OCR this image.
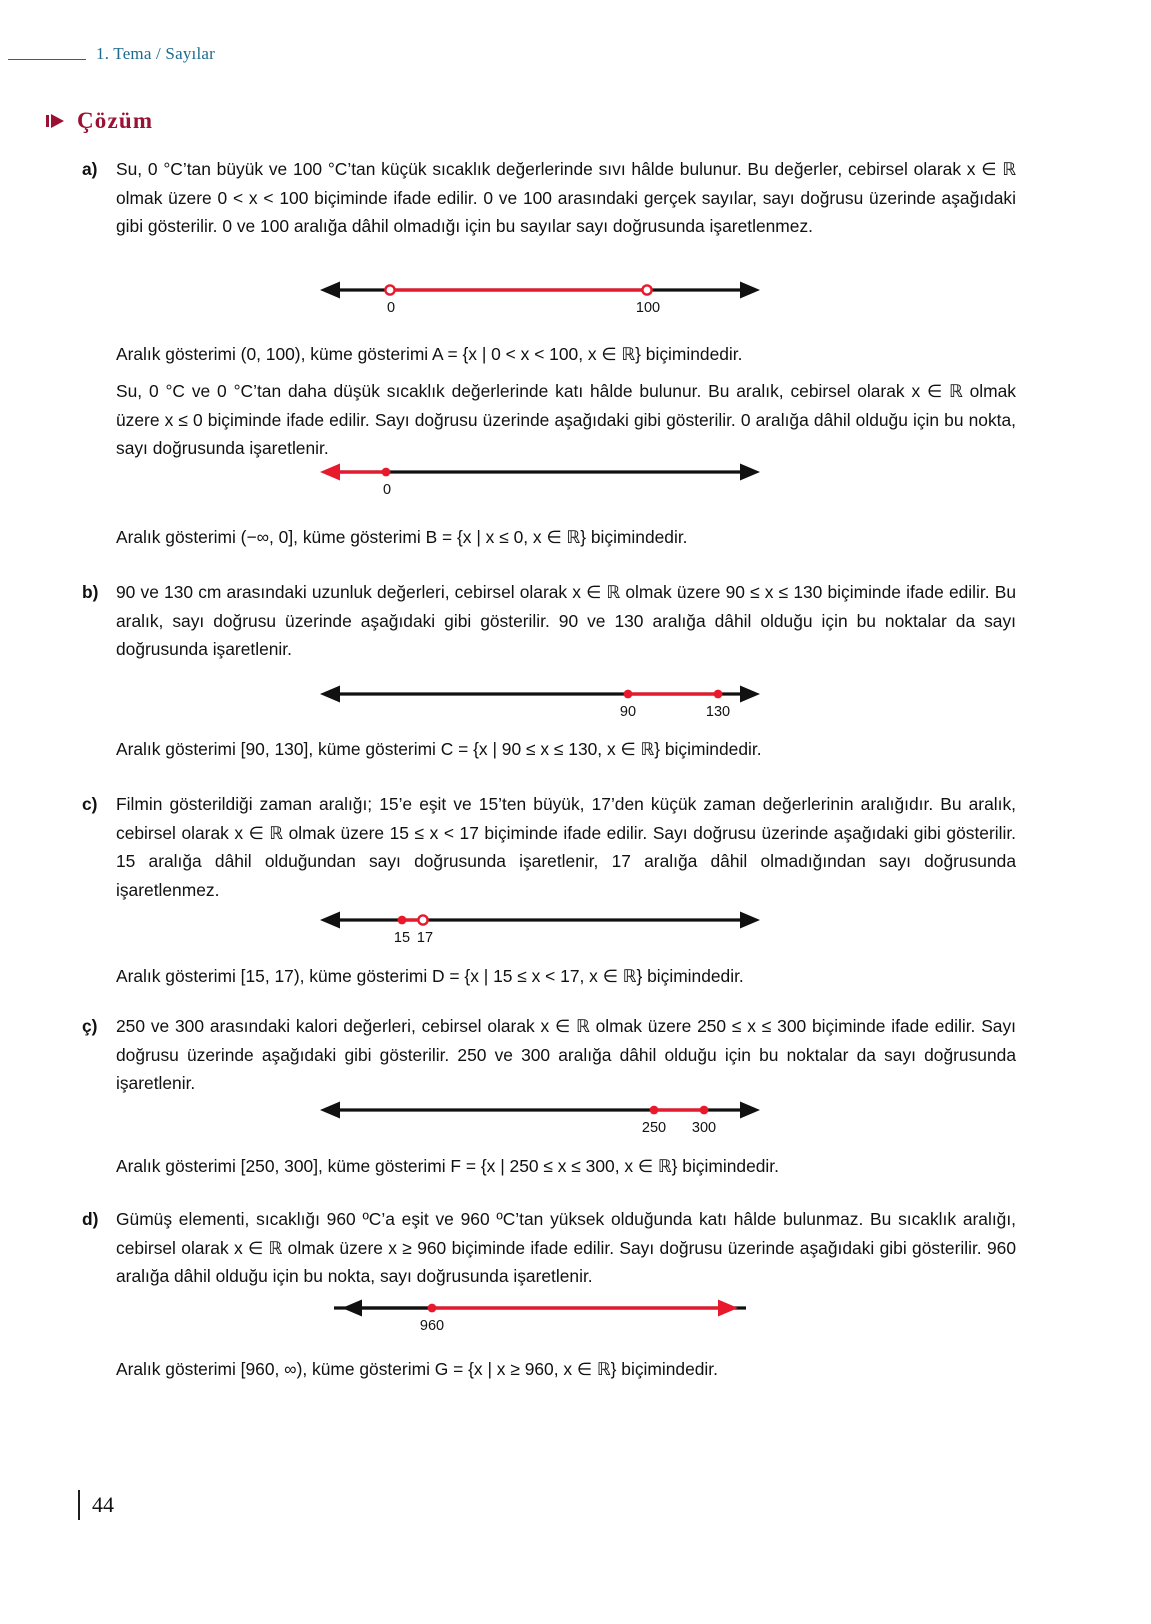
1. Tema / Sayılar
Çözüm
a) Su, 0 °C’tan büyük ve 100 °C’tan küçük sıcaklık değerlerinde sıvı hâlde bulunur. Bu değerler, cebirsel olarak x ∈ ℝ olmak üzere 0 < x < 100 biçiminde ifade edilir. 0 ve 100 arasındaki gerçek sayılar, sayı doğrusu üzerinde aşağıdaki gibi gösterilir. 0 ve 100 aralığa dâhil olmadığı için bu sayılar sayı doğrusunda işaretlenmez.
0	100
Aralık gösterimi (0, 100), küme gösterimi A = {x | 0 < x < 100, x ∈ ℝ} biçimindedir.
Su, 0 °C ve 0 °C’tan daha düşük sıcaklık değerlerinde katı hâlde bulunur. Bu aralık, cebirsel olarak x ∈ ℝ olmak üzere x ≤ 0 biçiminde ifade edilir. Sayı doğrusu üzerinde aşağıdaki gibi gösterilir. 0 aralığa dâhil olduğu için bu nokta, sayı doğrusunda işaretlenir.
0
Aralık gösterimi (−∞, 0], küme gösterimi B = {x | x ≤ 0, x ∈ ℝ} biçimindedir.
b) 90 ve 130 cm arasındaki uzunluk değerleri, cebirsel olarak x ∈ ℝ olmak üzere 90 ≤ x ≤ 130 biçiminde ifade edilir. Bu aralık, sayı doğrusu üzerinde aşağıdaki gibi gösterilir. 90 ve 130 aralığa dâhil olduğu için bu noktalar da sayı doğrusunda işaretlenir.
90	130
Aralık gösterimi [90, 130], küme gösterimi C = {x | 90 ≤ x ≤ 130, x ∈ ℝ} biçimindedir.
c) Filmin gösterildiği zaman aralığı; 15’e eşit ve 15’ten büyük, 17’den küçük zaman değerlerinin aralığıdır. Bu aralık, cebirsel olarak x ∈ ℝ olmak üzere 15 ≤ x < 17 biçiminde ifade edilir. Sayı doğrusu üzerinde aşağıdaki gibi gösterilir. 15 aralığa dâhil olduğundan sayı doğrusunda işaretlenir, 17 aralığa dâhil olmadığından sayı doğrusunda işaretlenmez.
15 17
Aralık gösterimi [15, 17), küme gösterimi D = {x | 15 ≤ x < 17, x ∈ ℝ} biçimindedir.
ç) 250 ve 300 arasındaki kalori değerleri, cebirsel olarak x ∈ ℝ olmak üzere 250 ≤ x ≤ 300 biçiminde ifade edilir. Sayı doğrusu üzerinde aşağıdaki gibi gösterilir. 250 ve 300 aralığa dâhil olduğu için bu noktalar da sayı doğrusunda işaretlenir.
250	300
Aralık gösterimi [250, 300], küme gösterimi F = {x | 250 ≤ x ≤ 300, x ∈ ℝ} biçimindedir.
d) Gümüş elementi, sıcaklığı 960 ºC’a eşit ve 960 ºC’tan yüksek olduğunda katı hâlde bulunmaz. Bu sıcaklık aralığı, cebirsel olarak x ∈ ℝ olmak üzere x ≥ 960 biçiminde ifade edilir. Sayı doğrusu üzerinde aşağıdaki gibi gösterilir. 960 aralığa dâhil olduğu için bu nokta, sayı doğrusunda işaretlenir.
960
Aralık gösterimi [960, ∞), küme gösterimi G = {x | x ≥ 960, x ∈ ℝ} biçimindedir.
44
